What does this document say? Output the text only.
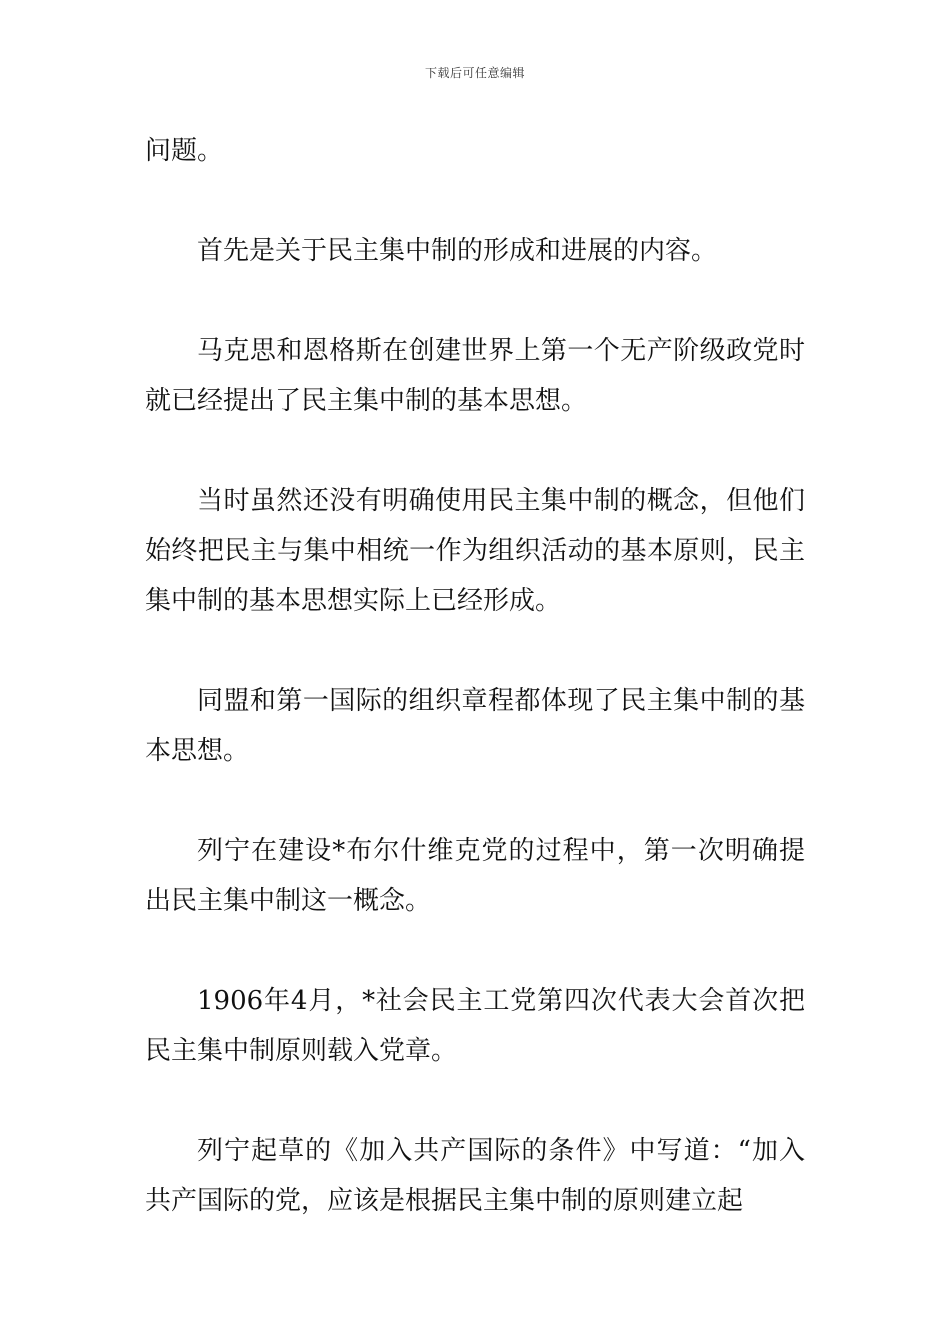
下载后可任意编辑

问题。

首先是关于民主集中制的形成和进展的内容。

马克思和恩格斯在创建世界上第一个无产阶级政党时就已经提出了民主集中制的基本思想。

当时虽然还没有明确使用民主集中制的概念，但他们始终把民主与集中相统一作为组织活动的基本原则，民主集中制的基本思想实际上已经形成。

同盟和第一国际的组织章程都体现了民主集中制的基本思想。

列宁在建设*布尔什维克党的过程中，第一次明确提出民主集中制这一概念。

1906年4月，*社会民主工党第四次代表大会首次把民主集中制原则载入党章。

列宁起草的《加入共产国际的条件》中写道：“加入共产国际的党，应该是根据民主集中制的原则建立起
